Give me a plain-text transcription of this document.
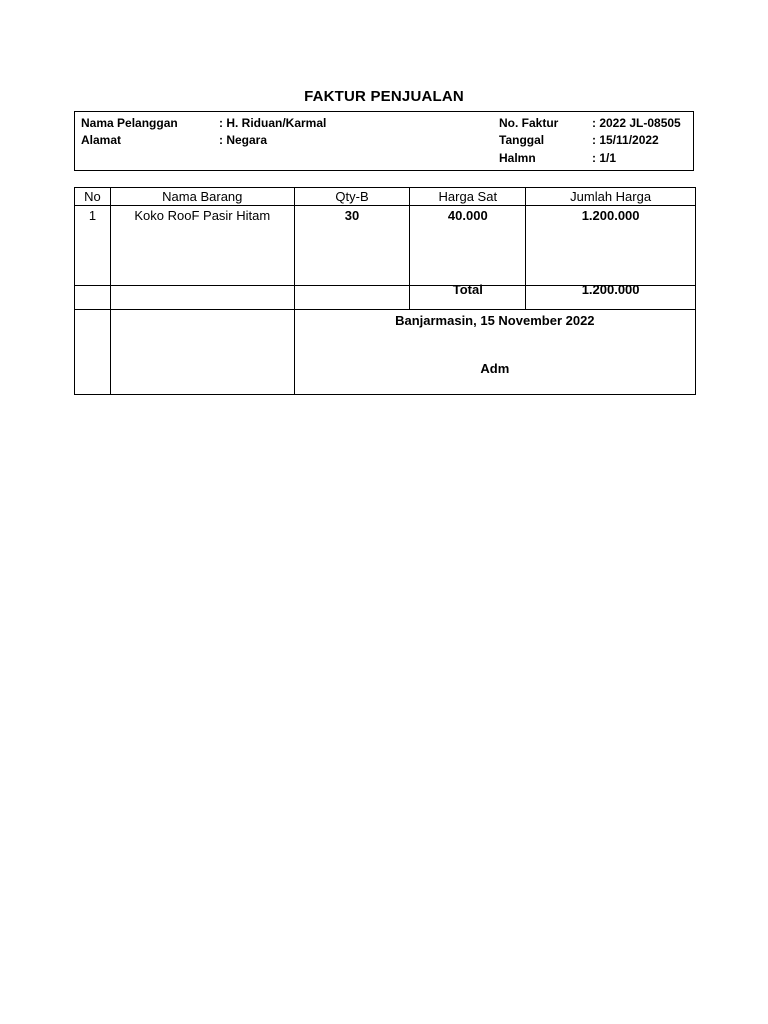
FAKTUR PENJUALAN
Nama Pelanggan	: H. Riduan/Karmal
Alamat	: Negara
No. Faktur	: 2022 JL-08505
Tanggal	: 15/11/2022
Halmn	: 1/1
No	Nama Barang	Qty-B	Harga Sat	Jumlah Harga

1	Koko RooF Pasir Hitam	30	40.000	1.200.000

			Total	1.200.000

		Banjarmasin, 15 November 2022
Adm		
